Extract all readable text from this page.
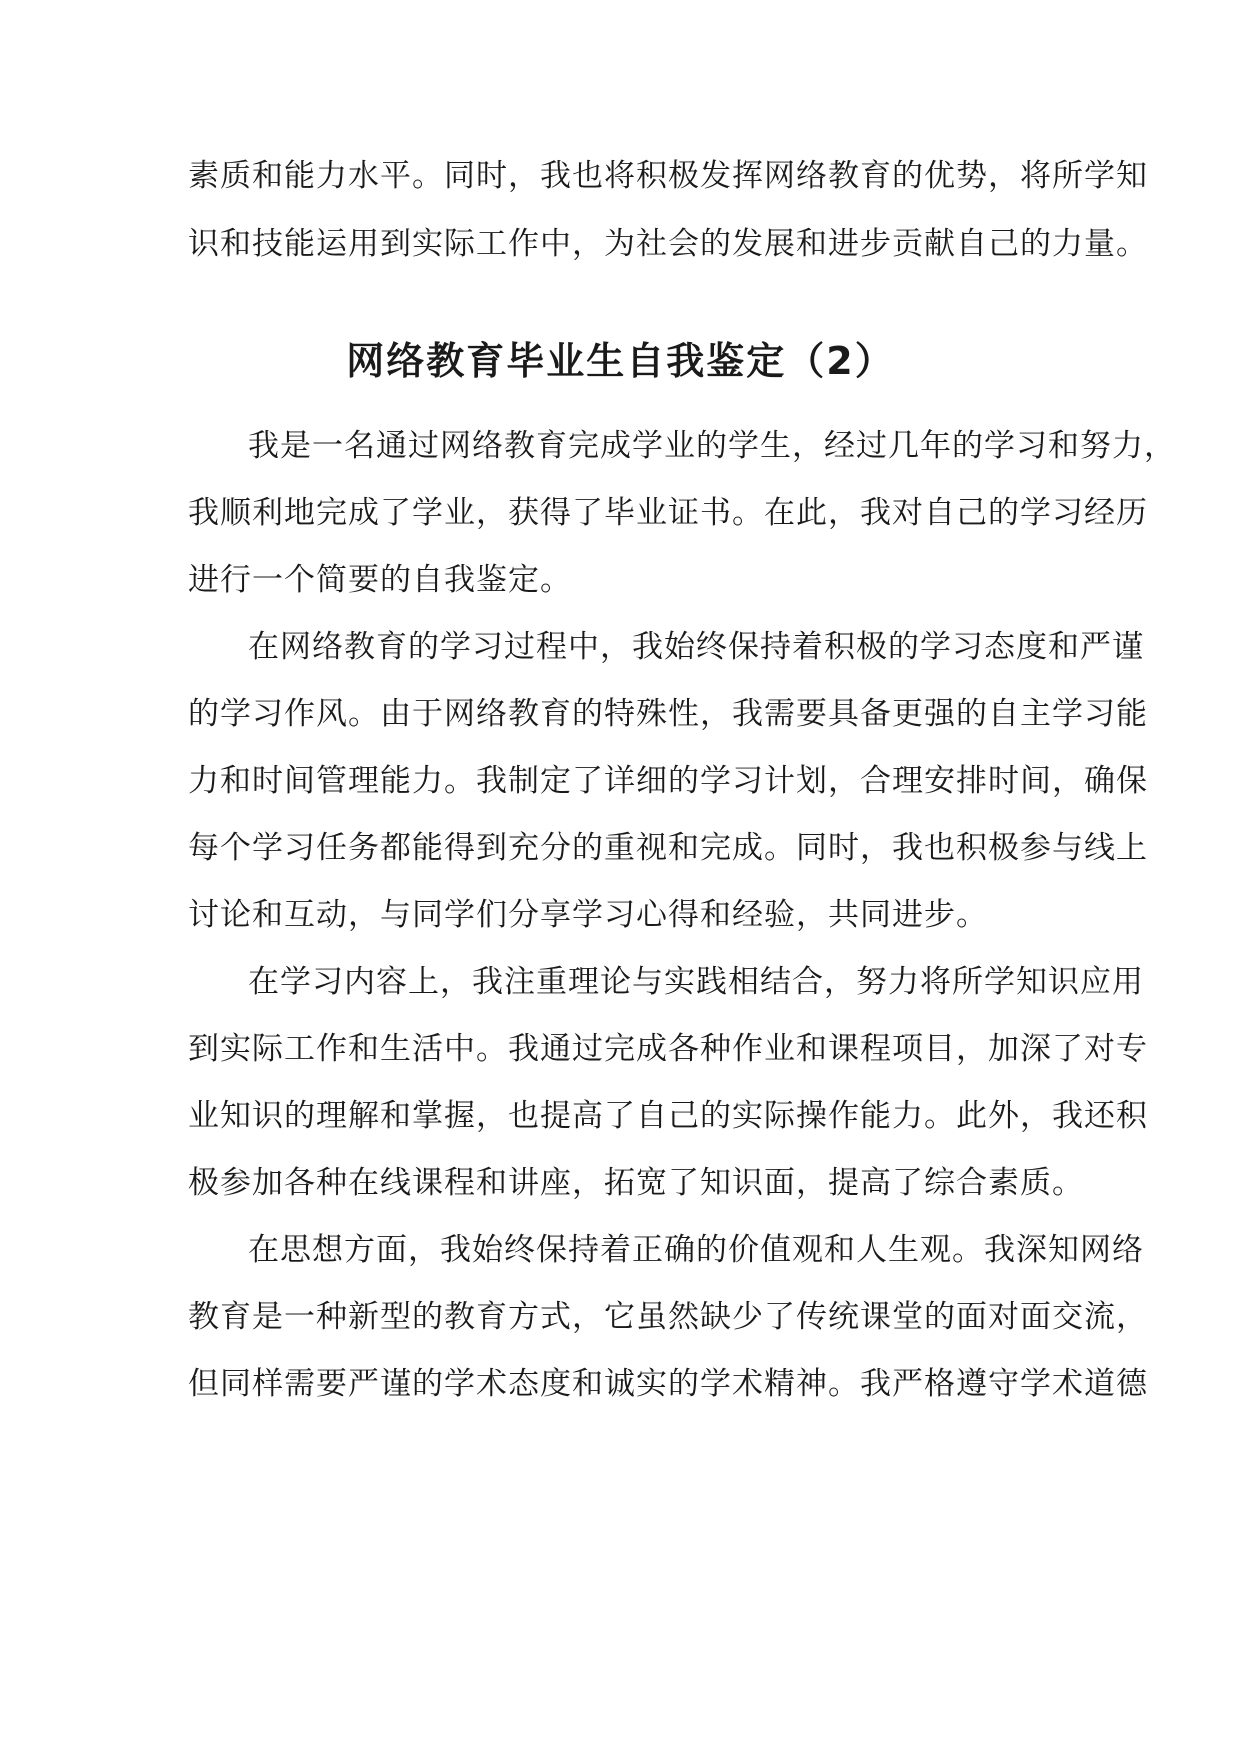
素质和能力水平。同时，我也将积极发挥网络教育的优势，将所学知
识和技能运用到实际工作中，为社会的发展和进步贡献自己的力量。
网络教育毕业生自我鉴定（2）
我是一名通过网络教育完成学业的学生，经过几年的学习和努力，
我顺利地完成了学业，获得了毕业证书。在此，我对自己的学习经历
进行一个简要的自我鉴定。
在网络教育的学习过程中，我始终保持着积极的学习态度和严谨
的学习作风。由于网络教育的特殊性，我需要具备更强的自主学习能
力和时间管理能力。我制定了详细的学习计划，合理安排时间，确保
每个学习任务都能得到充分的重视和完成。同时，我也积极参与线上
讨论和互动，与同学们分享学习心得和经验，共同进步。
在学习内容上，我注重理论与实践相结合，努力将所学知识应用
到实际工作和生活中。我通过完成各种作业和课程项目，加深了对专
业知识的理解和掌握，也提高了自己的实际操作能力。此外，我还积
极参加各种在线课程和讲座，拓宽了知识面，提高了综合素质。
在思想方面，我始终保持着正确的价值观和人生观。我深知网络
教育是一种新型的教育方式，它虽然缺少了传统课堂的面对面交流，
但同样需要严谨的学术态度和诚实的学术精神。我严格遵守学术道德
